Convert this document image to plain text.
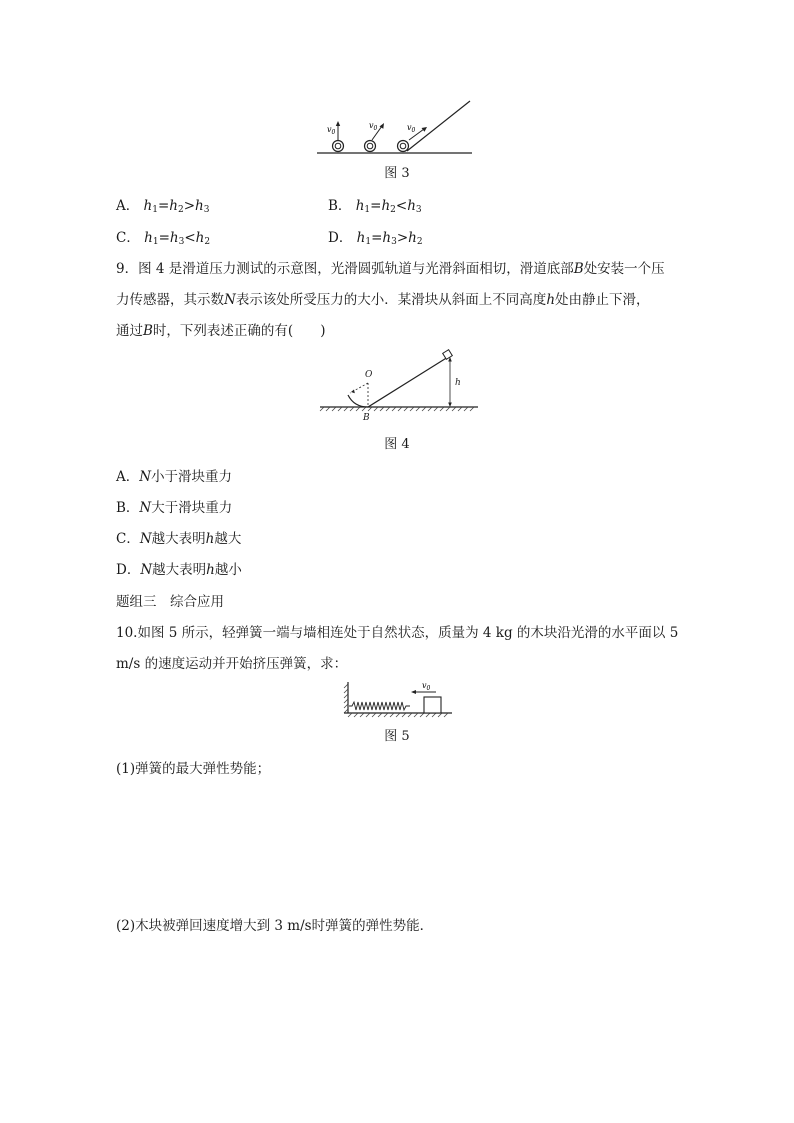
$v_0$
$v_0$	$v_0$
图 3
A． $h_1=h_2>h_3$	B． $h_1=h_2<h_3$
C． $h_1=h_3<h_2$	D． $h_1=h_3>h_2$
9．图 4 是滑道压力测试的示意图，光滑圆弧轨道与光滑斜面相切，滑道底部B处安装一个压
力传感器，其示数N表示该处所受压力的大小．某滑块从斜面上不同高度h处由静止下滑，
通过B时，下列表述正确的有(　　)
O
B
h
图 4
A．N小于滑块重力
B．N大于滑块重力
C．N越大表明h越大
D．N越大表明h越小
题组三　综合应用
10.如图 5 所示，轻弹簧一端与墙相连处于自然状态，质量为 4 kg 的木块沿光滑的水平面以 5
m/s 的速度运动并开始挤压弹簧，求：
$v_0$
图 5
(1)弹簧的最大弹性势能；
(2)木块被弹回速度增大到 3 m/s时弹簧的弹性势能．
